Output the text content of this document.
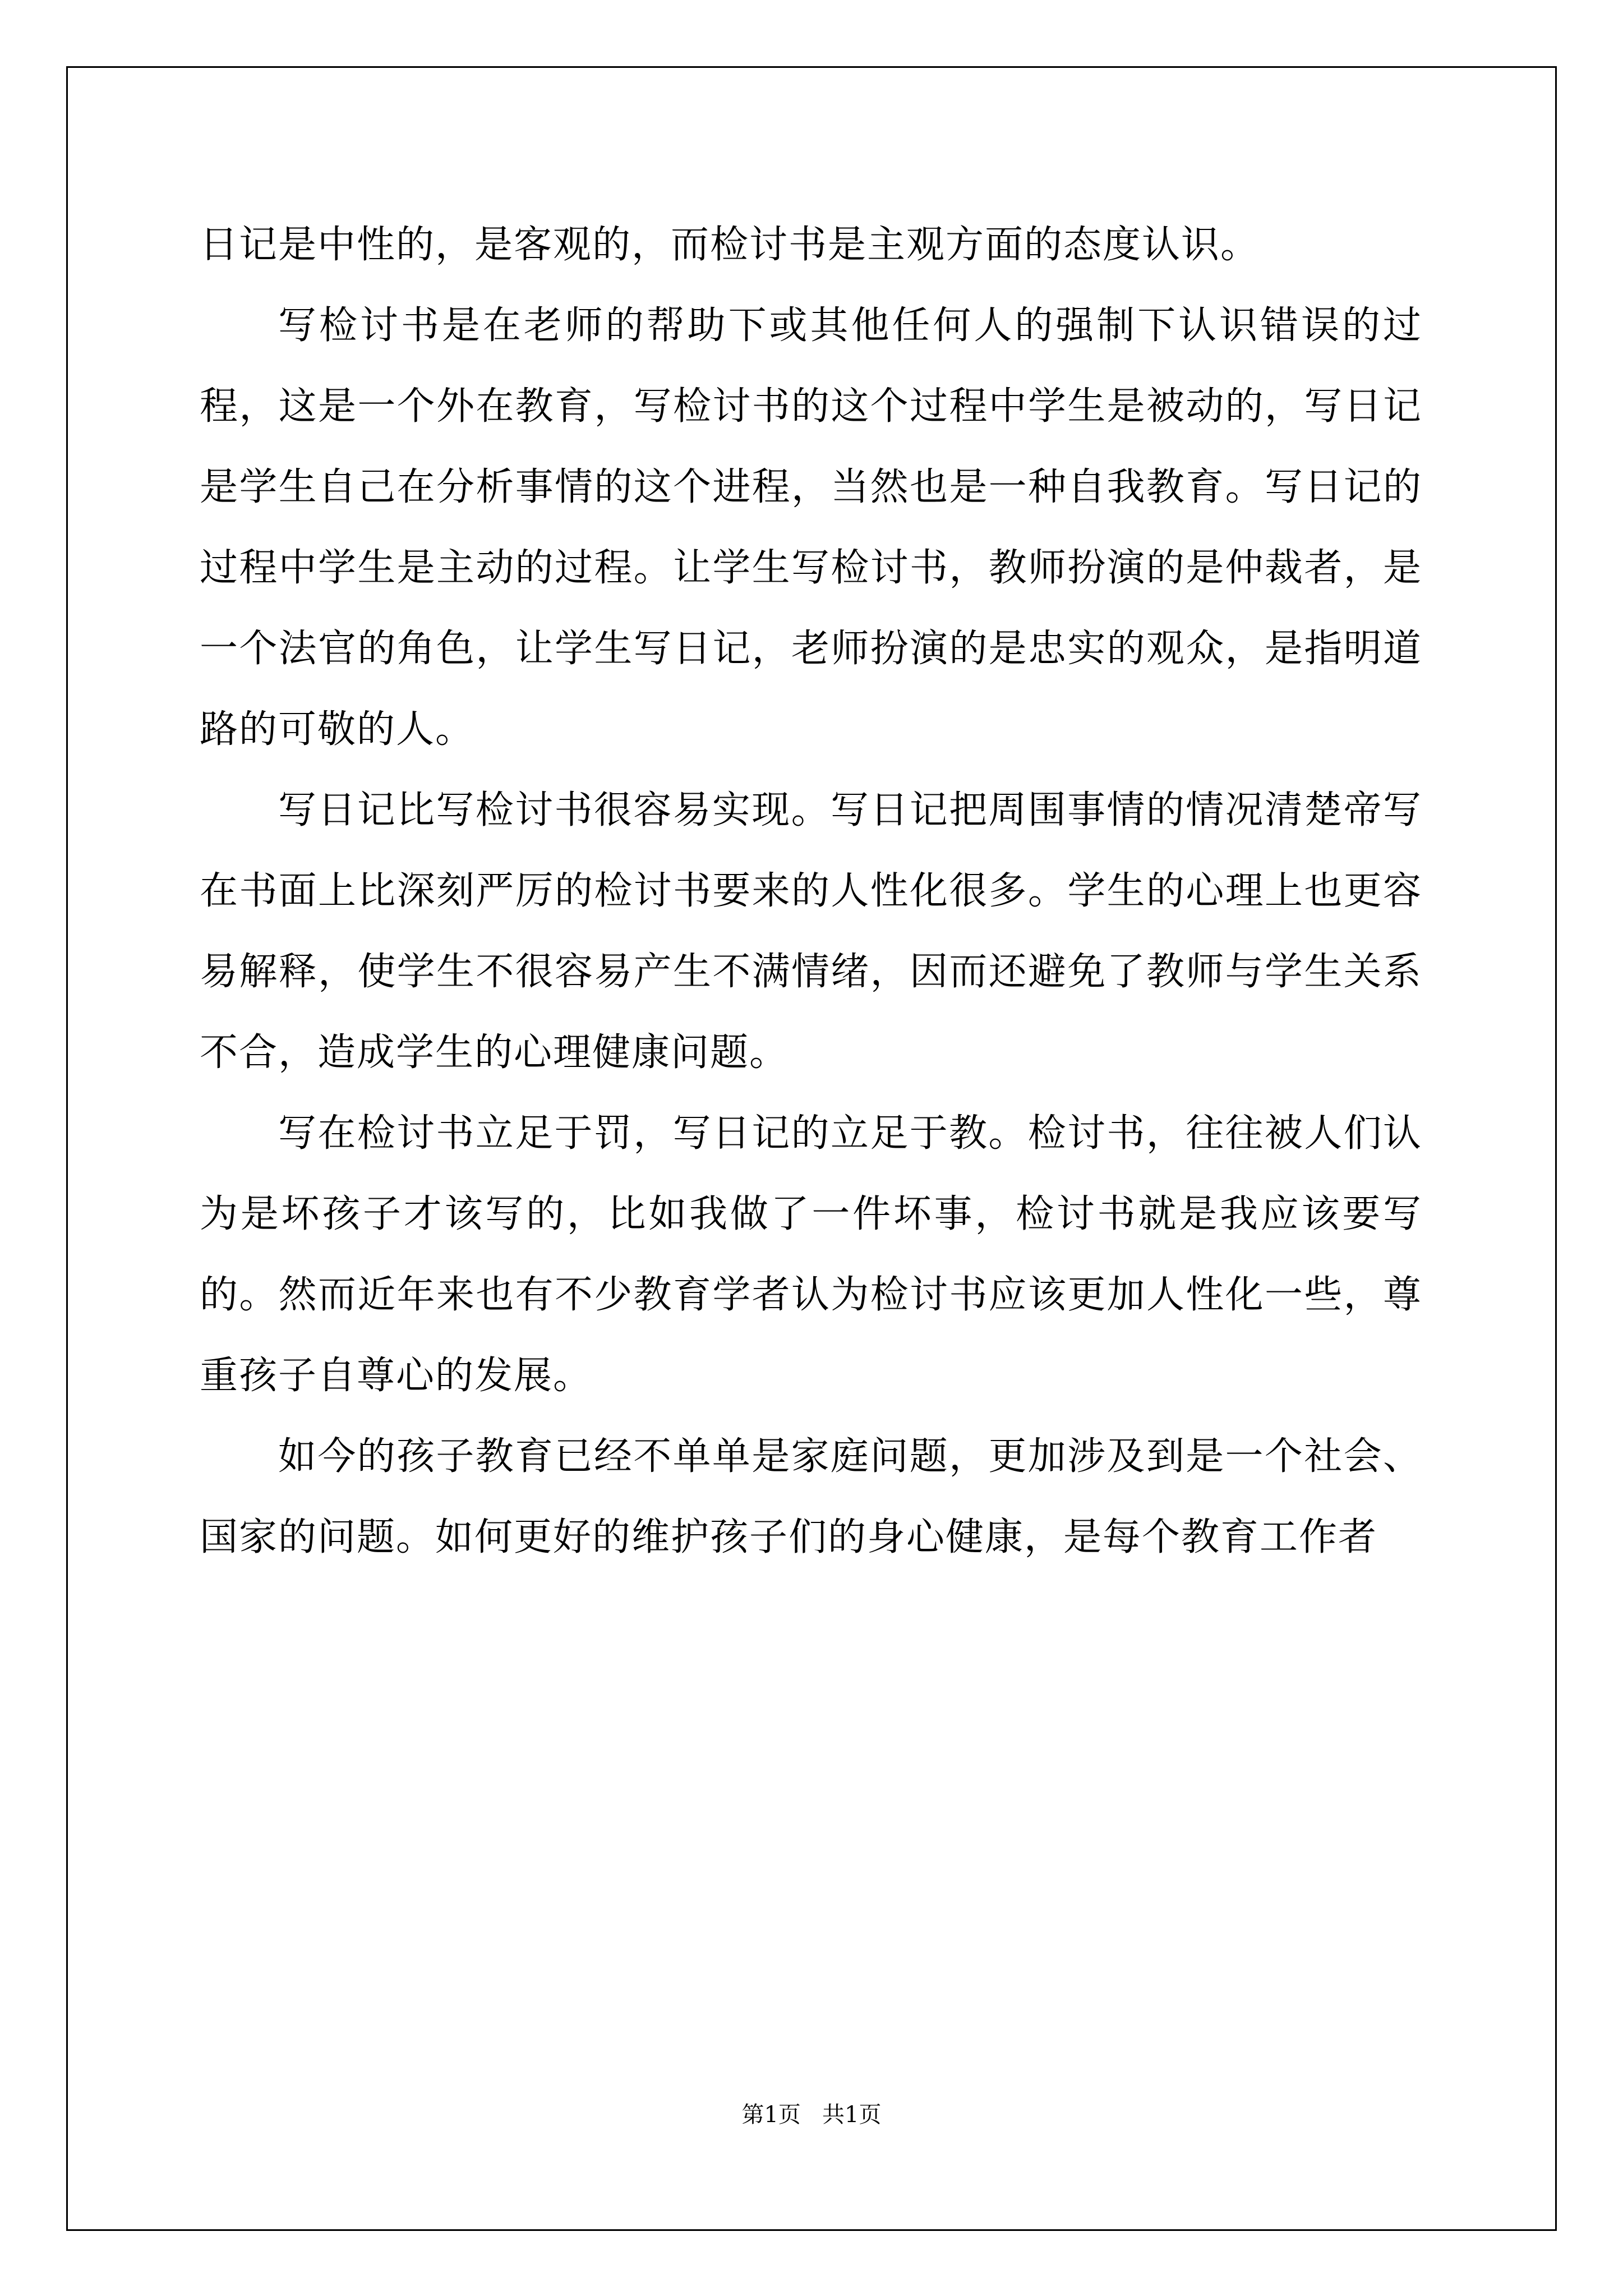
日记是中性的，是客观的，而检讨书是主观方面的态度认识。

写检讨书是在老师的帮助下或其他任何人的强制下认识错误的过程，这是一个外在教育，写检讨书的这个过程中学生是被动的，写日记是学生自己在分析事情的这个进程，当然也是一种自我教育。写日记的过程中学生是主动的过程。让学生写检讨书，教师扮演的是仲裁者，是一个法官的角色，让学生写日记，老师扮演的是忠实的观众，是指明道路的可敬的人。

写日记比写检讨书很容易实现。写日记把周围事情的情况清楚帝写在书面上比深刻严厉的检讨书要来的人性化很多。学生的心理上也更容易解释，使学生不很容易产生不满情绪，因而还避免了教师与学生关系不合，造成学生的心理健康问题。

写在检讨书立足于罚，写日记的立足于教。检讨书，往往被人们认为是坏孩子才该写的，比如我做了一件坏事，检讨书就是我应该要写的。然而近年来也有不少教育学者认为检讨书应该更加人性化一些，尊重孩子自尊心的发展。

如今的孩子教育已经不单单是家庭问题，更加涉及到是一个社会、国家的问题。如何更好的维护孩子们的身心健康，是每个教育工作者

第1页   共1页
